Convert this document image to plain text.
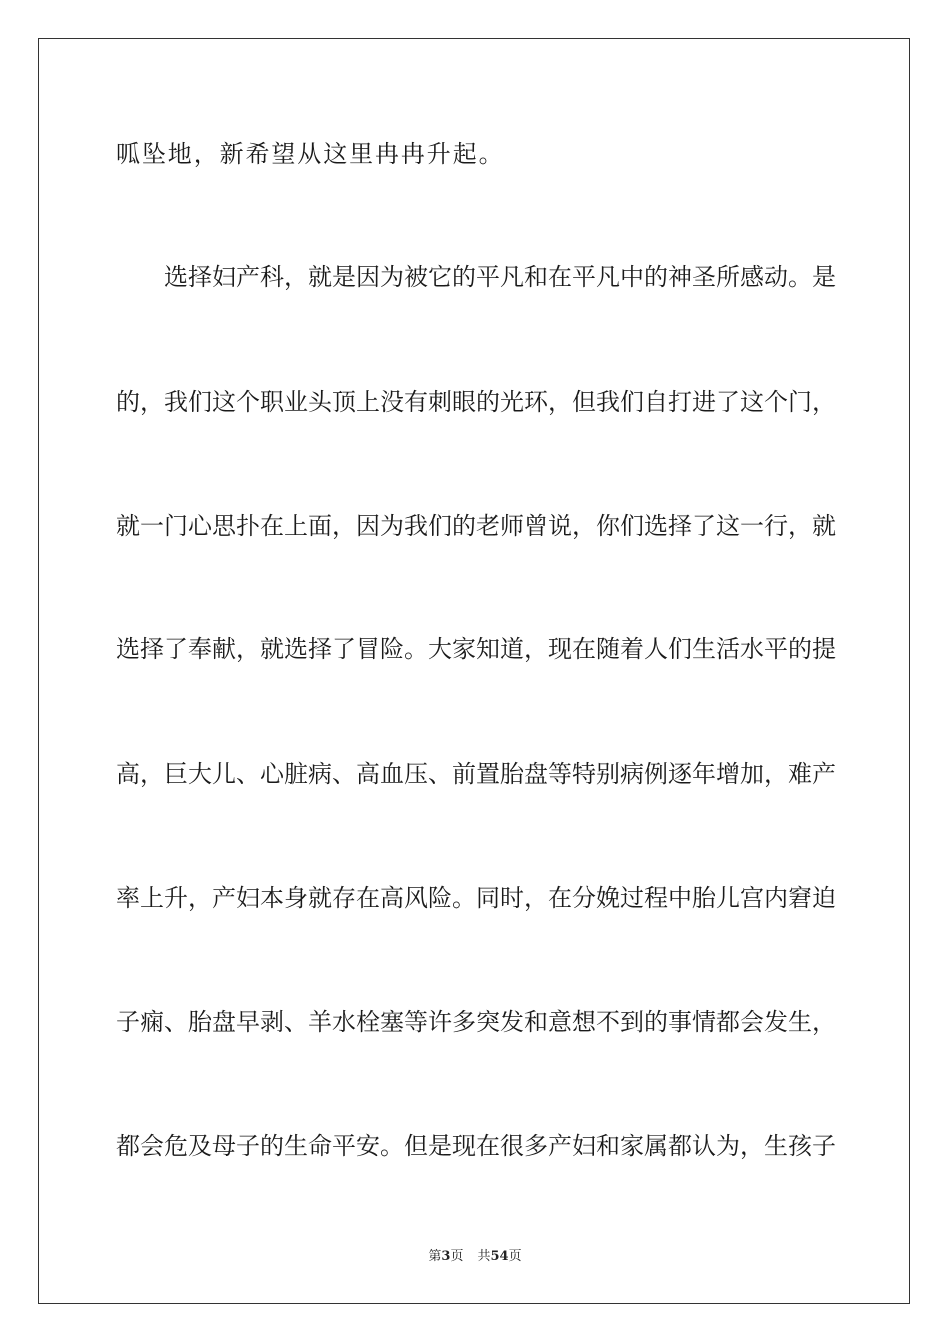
呱坠地，新希望从这里冉冉升起。
选择妇产科，就是因为被它的平凡和在平凡中的神圣所感动。是
的，我们这个职业头顶上没有刺眼的光环，但我们自打进了这个门，
就一门心思扑在上面，因为我们的老师曾说，你们选择了这一行，就
选择了奉献，就选择了冒险。大家知道，现在随着人们生活水平的提
高，巨大儿、心脏病、高血压、前置胎盘等特别病例逐年增加，难产
率上升，产妇本身就存在高风险。同时，在分娩过程中胎儿宫内窘迫
子痫、胎盘早剥、羊水栓塞等许多突发和意想不到的事情都会发生，
都会危及母子的生命平安。但是现在很多产妇和家属都认为，生孩子
第3页 共54页
